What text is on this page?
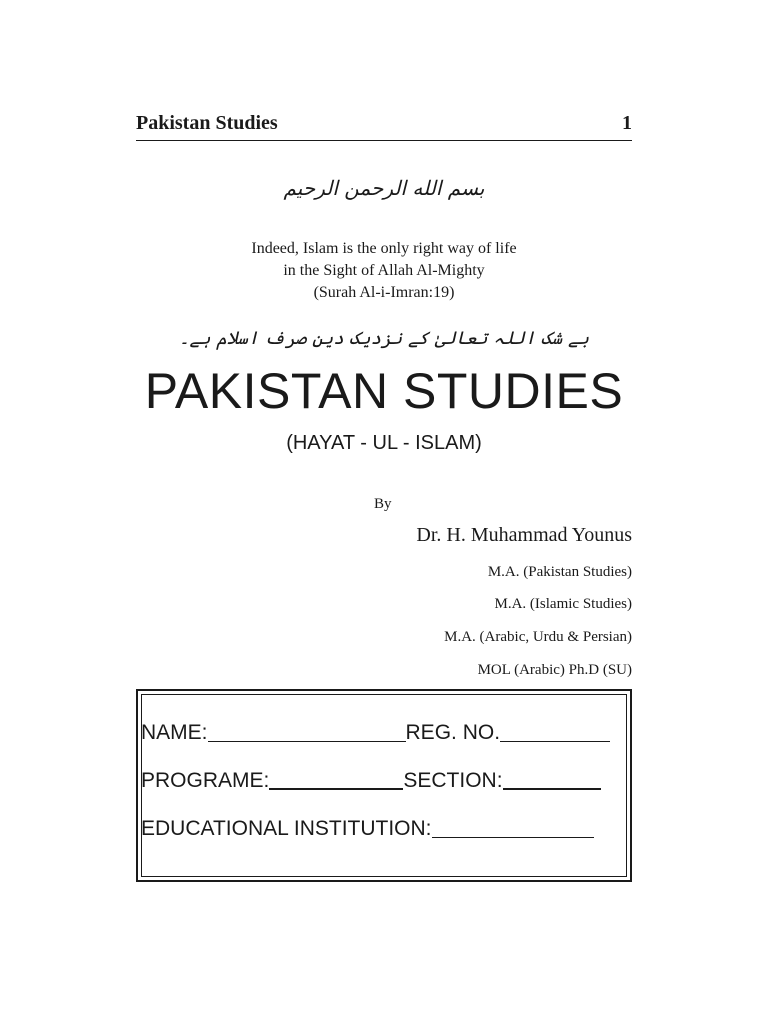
Pakistan Studies	1
بسم الله الرحمن الرحيم
Indeed, Islam is the only right way of life
in the Sight of Allah Al-Mighty
(Surah Al-i-Imran:19)
بے شک اللہ تعالیٰ کے نزدیک دین صرف اسلام ہے۔
PAKISTAN STUDIES
(HAYAT - UL - ISLAM)
By
Dr. H. Muhammad Younus
M.A. (Pakistan Studies)
M.A. (Islamic Studies)
M.A. (Arabic, Urdu & Persian)
MOL (Arabic) Ph.D (SU)
NAME:	REG. NO.
PROGRAME:	SECTION:
EDUCATIONAL INSTITUTION:
